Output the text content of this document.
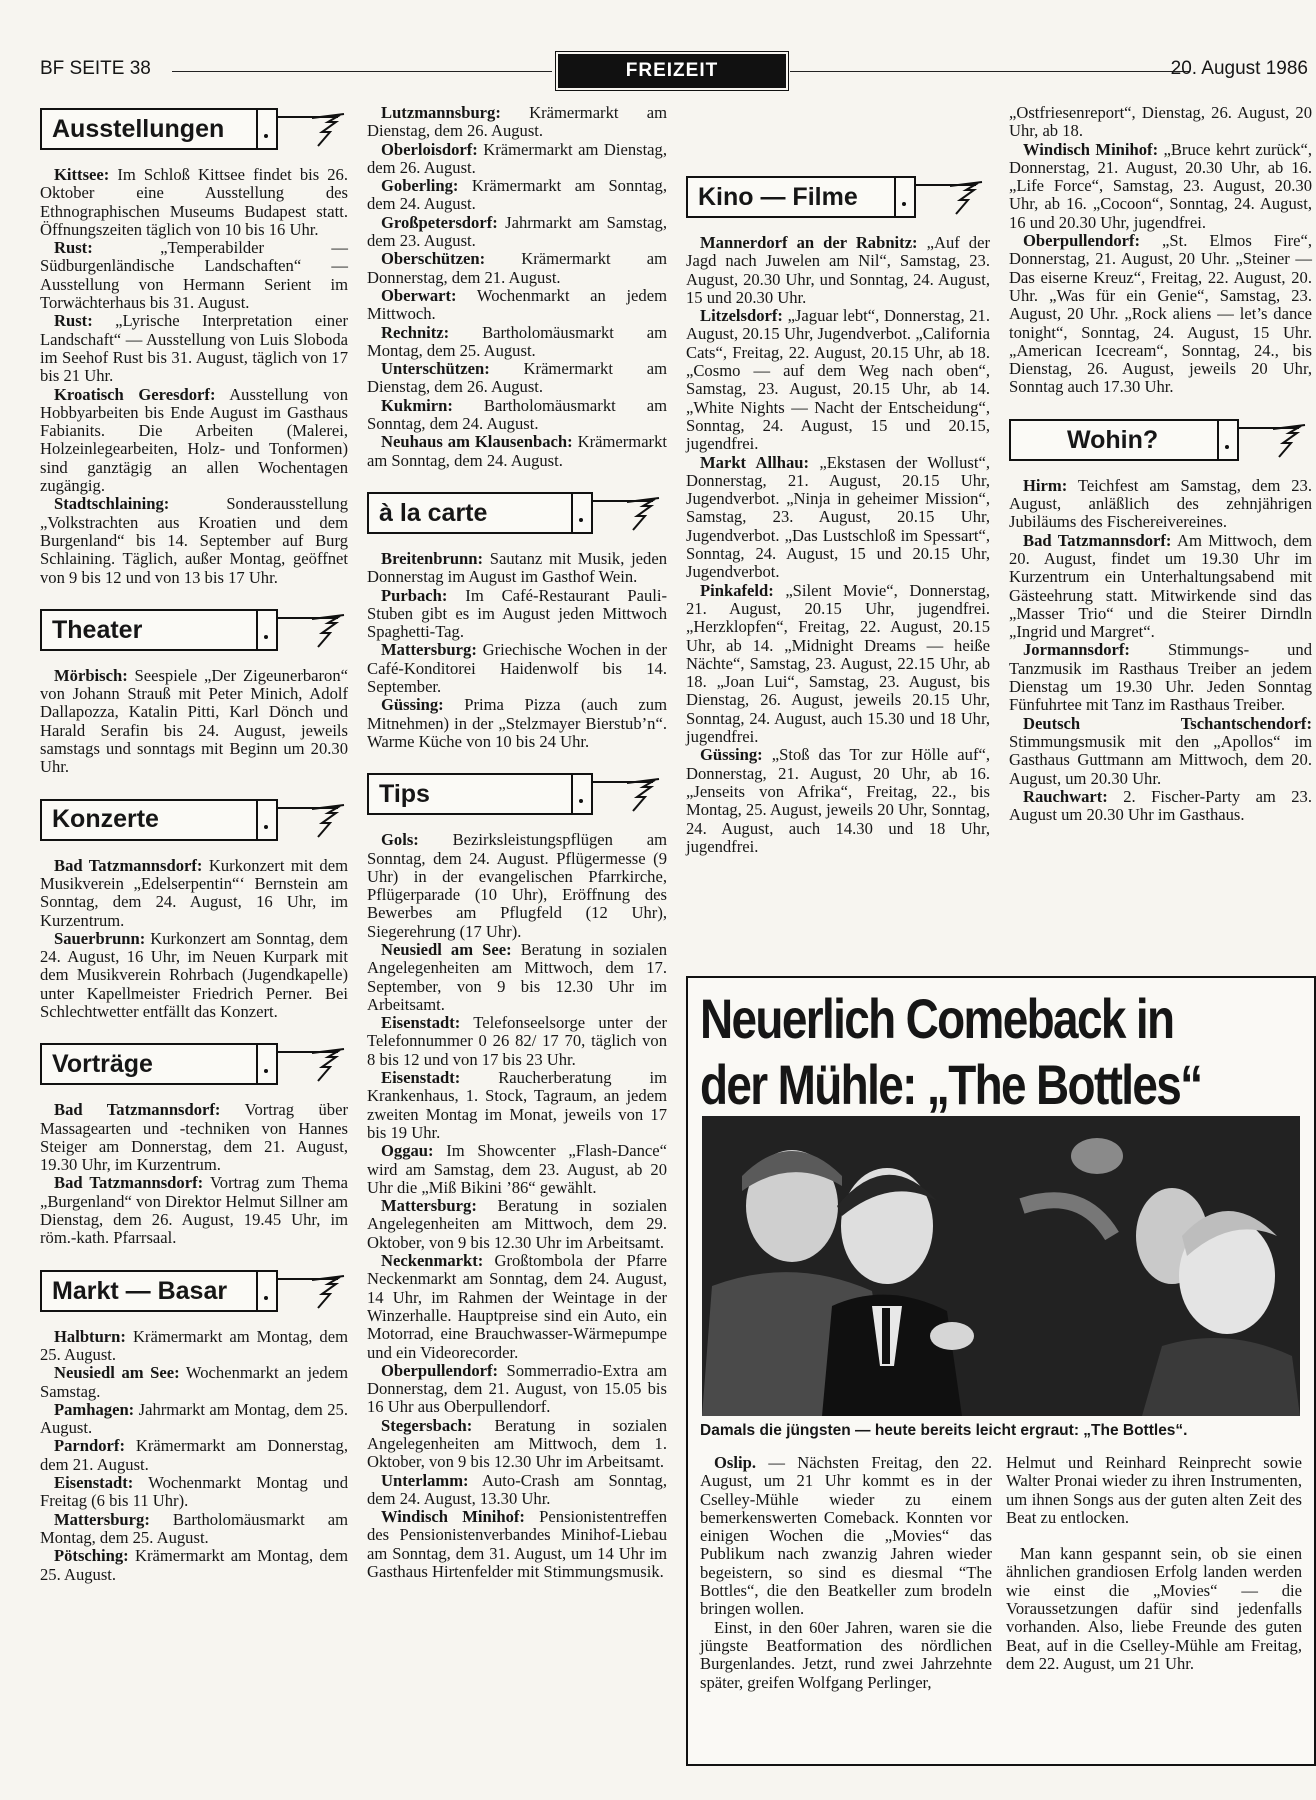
BF SEITE 38	FREIZEIT	20. August 1986
Ausstellungen
Kittsee: Im Schloß Kittsee findet bis 26. Oktober eine Ausstellung des Ethnographischen Museums Budapest statt. Öffnungszeiten täglich von 10 bis 16 Uhr.
Rust: „Temperabilder — Südburgenländische Landschaften“ — Ausstellung von Hermann Serient im Torwächterhaus bis 31. August.
Rust: „Lyrische Interpretation einer Landschaft“ — Ausstellung von Luis Sloboda im Seehof Rust bis 31. August, täglich von 17 bis 21 Uhr.
Kroatisch Geresdorf: Ausstellung von Hobbyarbeiten bis Ende August im Gasthaus Fabianits. Die Arbeiten (Malerei, Holzeinlegearbeiten, Holz- und Tonformen) sind ganztägig an allen Wochentagen zugängig.
Stadtschlaining: Sonderausstellung „Volkstrachten aus Kroatien und dem Burgenland“ bis 14. September auf Burg Schlaining. Täglich, außer Montag, geöffnet von 9 bis 12 und von 13 bis 17 Uhr.
Theater
Mörbisch: Seespiele „Der Zigeunerbaron“ von Johann Strauß mit Peter Minich, Adolf Dallapozza, Katalin Pitti, Karl Dönch und Harald Serafin bis 24. August, jeweils samstags und sonntags mit Beginn um 20.30 Uhr.
Konzerte
Bad Tatzmannsdorf: Kurkonzert mit dem Musikverein „Edelserpentin“‘ Bernstein am Sonntag, dem 24. August, 16 Uhr, im Kurzentrum.
Sauerbrunn: Kurkonzert am Sonntag, dem 24. August, 16 Uhr, im Neuen Kurpark mit dem Musikverein Rohrbach (Jugendkapelle) unter Kapellmeister Friedrich Perner. Bei Schlechtwetter entfällt das Konzert.
Vorträge
Bad Tatzmannsdorf: Vortrag über Massagearten und -techniken von Hannes Steiger am Donnerstag, dem 21. August, 19.30 Uhr, im Kurzentrum.
Bad Tatzmannsdorf: Vortrag zum Thema „Burgenland“ von Direktor Helmut Sillner am Dienstag, dem 26. August, 19.45 Uhr, im röm.-kath. Pfarrsaal.
Markt — Basar
Halbturn: Krämermarkt am Montag, dem 25. August.
Neusiedl am See: Wochenmarkt an jedem Samstag.
Pamhagen: Jahrmarkt am Montag, dem 25. August.
Parndorf: Krämermarkt am Donnerstag, dem 21. August.
Eisenstadt: Wochenmarkt Montag und Freitag (6 bis 11 Uhr).
Mattersburg: Bartholomäusmarkt am Montag, dem 25. August.
Pötsching: Krämermarkt am Montag, dem 25. August.
Lutzmannsburg: Krämermarkt am Dienstag, dem 26. August.
Oberloisdorf: Krämermarkt am Dienstag, dem 26. August.
Goberling: Krämermarkt am Sonntag, dem 24. August.
Großpetersdorf: Jahrmarkt am Samstag, dem 23. August.
Oberschützen: Krämermarkt am Donnerstag, dem 21. August.
Oberwart: Wochenmarkt an jedem Mittwoch.
Rechnitz: Bartholomäusmarkt am Montag, dem 25. August.
Unterschützen: Krämermarkt am Dienstag, dem 26. August.
Kukmirn: Bartholomäusmarkt am Sonntag, dem 24. August.
Neuhaus am Klausenbach: Krämermarkt am Sonntag, dem 24. August.
à la carte
Breitenbrunn: Sautanz mit Musik, jeden Donnerstag im August im Gasthof Wein.
Purbach: Im Café-Restaurant Pauli-Stuben gibt es im August jeden Mittwoch Spaghetti-Tag.
Mattersburg: Griechische Wochen in der Café-Konditorei Haidenwolf bis 14. September.
Güssing: Prima Pizza (auch zum Mitnehmen) in der „Stelzmayer Bierstub’n“. Warme Küche von 10 bis 24 Uhr.
Tips
Gols: Bezirksleistungspflügen am Sonntag, dem 24. August. Pflügermesse (9 Uhr) in der evangelischen Pfarrkirche, Pflügerparade (10 Uhr), Eröffnung des Bewerbes am Pflugfeld (12 Uhr), Siegerehrung (17 Uhr).
Neusiedl am See: Beratung in sozialen Angelegenheiten am Mittwoch, dem 17. September, von 9 bis 12.30 Uhr im Arbeitsamt.
Eisenstadt: Telefonseelsorge unter der Telefonnummer 0 26 82/ 17 70, täglich von 8 bis 12 und von 17 bis 23 Uhr.
Eisenstadt: Raucherberatung im Krankenhaus, 1. Stock, Tagraum, an jedem zweiten Montag im Monat, jeweils von 17 bis 19 Uhr.
Oggau: Im Showcenter „Flash-Dance“ wird am Samstag, dem 23. August, ab 20 Uhr die „Miß Bikini ’86“ gewählt.
Mattersburg: Beratung in sozialen Angelegenheiten am Mittwoch, dem 29. Oktober, von 9 bis 12.30 Uhr im Arbeitsamt.
Neckenmarkt: Großtombola der Pfarre Neckenmarkt am Sonntag, dem 24. August, 14 Uhr, im Rahmen der Weintage in der Winzerhalle. Hauptpreise sind ein Auto, ein Motorrad, eine Brauchwasser-Wärmepumpe und ein Videorecorder.
Oberpullendorf: Sommerradio-Extra am Donnerstag, dem 21. August, von 15.05 bis 16 Uhr aus Oberpullendorf.
Stegersbach: Beratung in sozialen Angelegenheiten am Mittwoch, dem 1. Oktober, von 9 bis 12.30 Uhr im Arbeitsamt.
Unterlamm: Auto-Crash am Sonntag, dem 24. August, 13.30 Uhr.
Windisch Minihof: Pensionistentreffen des Pensionistenverbandes Minihof-Liebau am Sonntag, dem 31. August, um 14 Uhr im Gasthaus Hirtenfelder mit Stimmungsmusik.
Kino — Filme
Mannerdorf an der Rabnitz: „Auf der Jagd nach Juwelen am Nil“, Samstag, 23. August, 20.30 Uhr, und Sonntag, 24. August, 15 und 20.30 Uhr.
Litzelsdorf: „Jaguar lebt“, Donnerstag, 21. August, 20.15 Uhr, Jugendverbot. „California Cats“, Freitag, 22. August, 20.15 Uhr, ab 18. „Cosmo — auf dem Weg nach oben“, Samstag, 23. August, 20.15 Uhr, ab 14. „White Nights — Nacht der Entscheidung“, Sonntag, 24. August, 15 und 20.15, jugendfrei.
Markt Allhau: „Ekstasen der Wollust“, Donnerstag, 21. August, 20.15 Uhr, Jugendverbot. „Ninja in geheimer Mission“, Samstag, 23. August, 20.15 Uhr, Jugendverbot. „Das Lustschloß im Spessart“, Sonntag, 24. August, 15 und 20.15 Uhr, Jugendverbot.
Pinkafeld: „Silent Movie“, Donnerstag, 21. August, 20.15 Uhr, jugendfrei. „Herzklopfen“, Freitag, 22. August, 20.15 Uhr, ab 14. „Midnight Dreams — heiße Nächte“, Samstag, 23. August, 22.15 Uhr, ab 18. „Joan Lui“, Samstag, 23. August, bis Dienstag, 26. August, jeweils 20.15 Uhr, Sonntag, 24. August, auch 15.30 und 18 Uhr, jugendfrei.
Güssing: „Stoß das Tor zur Hölle auf“, Donnerstag, 21. August, 20 Uhr, ab 16. „Jenseits von Afrika“, Freitag, 22., bis Montag, 25. August, jeweils 20 Uhr, Sonntag, 24. August, auch 14.30 und 18 Uhr, jugendfrei.
„Ostfriesenreport“, Dienstag, 26. August, 20 Uhr, ab 18.
Windisch Minihof: „Bruce kehrt zurück“, Donnerstag, 21. August, 20.30 Uhr, ab 16. „Life Force“, Samstag, 23. August, 20.30 Uhr, ab 16. „Cocoon“, Sonntag, 24. August, 16 und 20.30 Uhr, jugendfrei.
Oberpullendorf: „St. Elmos Fire“, Donnerstag, 21. August, 20 Uhr. „Steiner — Das eiserne Kreuz“, Freitag, 22. August, 20. Uhr. „Was für ein Genie“, Samstag, 23. August, 20 Uhr. „Rock aliens — let’s dance tonight“, Sonntag, 24. August, 15 Uhr. „American Icecream“, Sonntag, 24., bis Dienstag, 26. August, jeweils 20 Uhr, Sonntag auch 17.30 Uhr.
Wohin?
Hirm: Teichfest am Samstag, dem 23. August, anläßlich des zehnjährigen Jubiläums des Fischereivereines.
Bad Tatzmannsdorf: Am Mittwoch, dem 20. August, findet um 19.30 Uhr im Kurzentrum ein Unterhaltungsabend mit Gästeehrung statt. Mitwirkende sind das „Masser Trio“ und die Steirer Dirndln „Ingrid und Margret“.
Jormannsdorf: Stimmungs- und Tanzmusik im Rasthaus Treiber an jedem Dienstag um 19.30 Uhr. Jeden Sonntag Fünfuhrtee mit Tanz im Rasthaus Treiber.
Deutsch Tschantschendorf: Stimmungsmusik mit den „Apollos“ im Gasthaus Guttmann am Mittwoch, dem 20. August, um 20.30 Uhr.
Rauchwart: 2. Fischer-Party am 23. August um 20.30 Uhr im Gasthaus.
Neuerlich Comeback in
der Mühle: „The Bottles“
Damals die jüngsten — heute bereits leicht ergraut: „The Bottles“.

Oslip. — Nächsten Freitag, den 22. August, um 21 Uhr kommt es in der Cselley-Mühle wieder zu einem bemerkenswerten Comeback. Konnten vor einigen Wochen die „Movies“ das Publikum nach zwanzig Jahren wieder begeistern, so sind es diesmal “The Bottles“, die den Beatkeller zum brodeln bringen wollen.

Einst, in den 60er Jahren, waren sie die jüngste Beatformation des nördlichen Burgenlandes. Jetzt, rund zwei Jahrzehnte später, greifen Wolfgang Perlinger,

Helmut und Reinhard Reinprecht sowie Walter Pronai wieder zu ihren Instrumenten, um ihnen Songs aus der guten alten Zeit des Beat zu entlocken.

Man kann gespannt sein, ob sie einen ähnlichen grandiosen Erfolg landen werden wie einst die „Movies“ — die Voraussetzungen dafür sind jedenfalls vorhanden. Also, liebe Freunde des guten Beat, auf in die Cselley-Mühle am Freitag, dem 22. August, um 21 Uhr.
